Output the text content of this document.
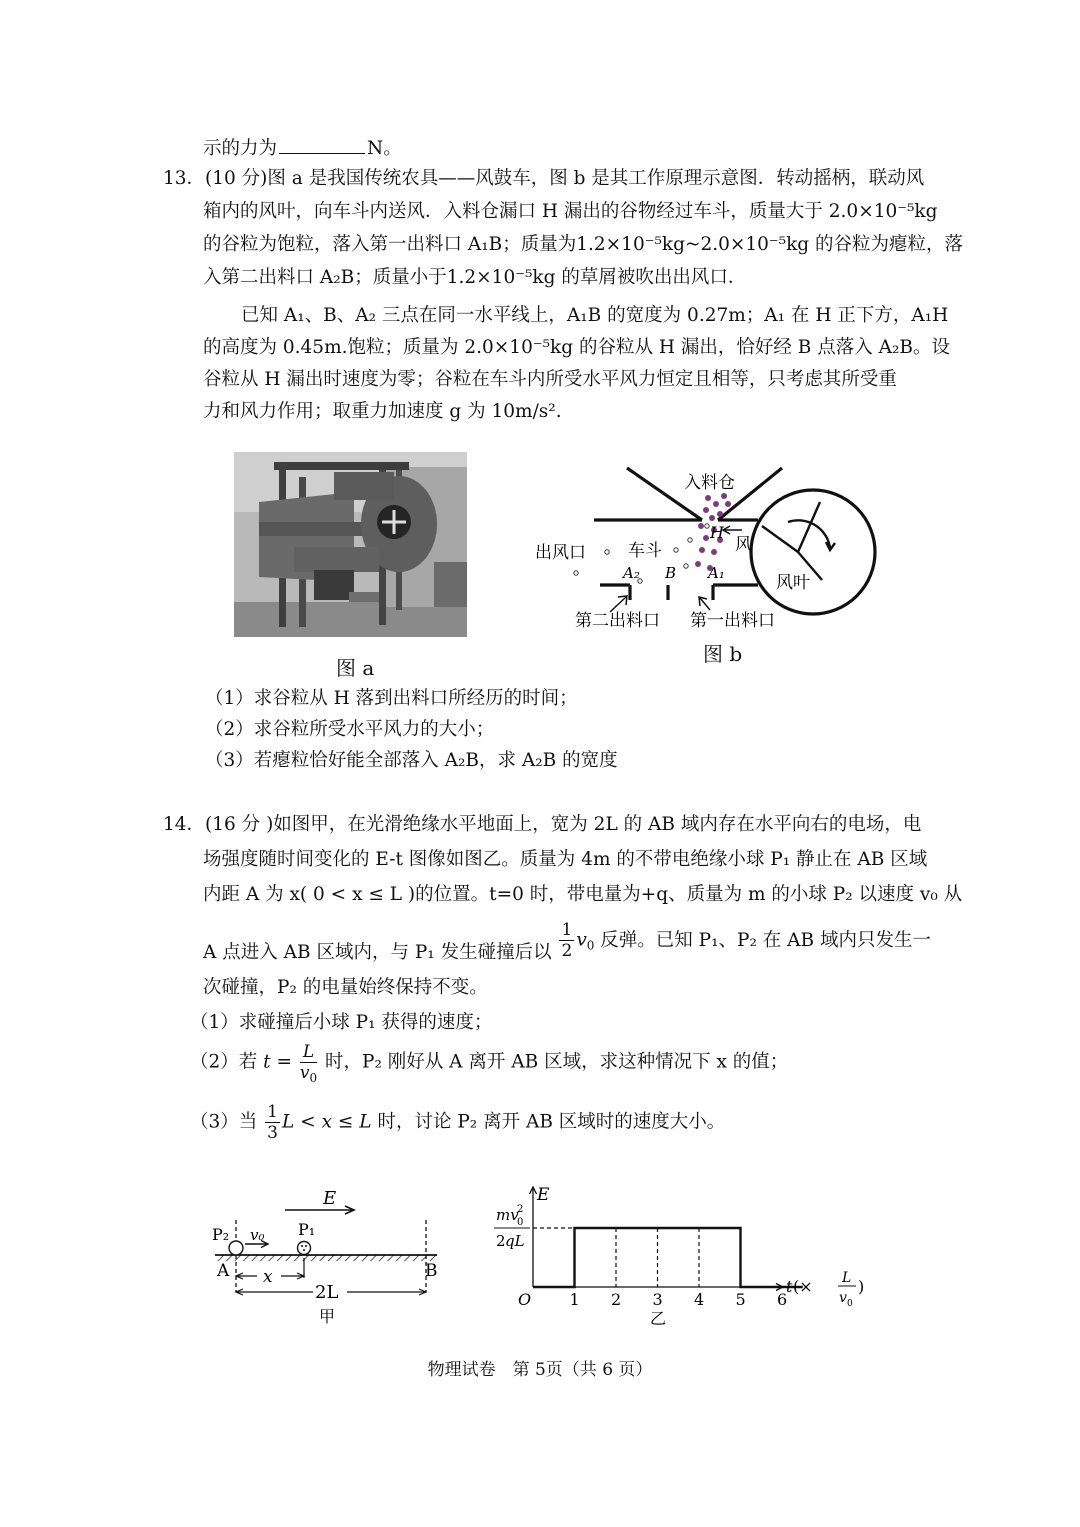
示的力为	N。
13．(10 分)图 a 是我国传统农具——风鼓车，图 b 是其工作原理示意图．转动摇柄，联动风
箱内的风叶，向车斗内送风．入料仓漏口 H 漏出的谷物经过车斗，质量大于 2.0×10⁻⁵kg
的谷粒为饱粒，落入第一出料口 A₁B；质量为1.2×10⁻⁵kg~2.0×10⁻⁵kg 的谷粒为瘪粒，落
入第二出料口 A₂B；质量小于1.2×10⁻⁵kg 的草屑被吹出出风口．
已知 A₁、B、A₂ 三点在同一水平线上，A₁B 的宽度为 0.27m；A₁ 在 H 正下方，A₁H
的高度为 0.45m.饱粒；质量为 2.0×10⁻⁵kg 的谷粒从 H 漏出，恰好经 B 点落入 A₂B。设
谷粒从 H 漏出时速度为零；谷粒在车斗内所受水平风力恒定且相等，只考虑其所受重
力和风力作用；取重力加速度 g 为 10m/s².
图 a
入料仓
H
风
出风口 车斗
A₂ B A₁	风叶
第二出料口 第一出料口
图 b
（1）求谷粒从 H 落到出料口所经历的时间；
（2）求谷粒所受水平风力的大小；
（3）若瘪粒恰好能全部落入 A₂B，求 A₂B 的宽度
14．(16 分 )如图甲，在光滑绝缘水平地面上，宽为 2L 的 AB 域内存在水平向右的电场，电
场强度随时间变化的 E-t 图像如图乙。质量为 4m 的不带电绝缘小球 P₁ 静止在 AB 区域
内距 A 为 x( 0 < x ≤ L )的位置。t=0 时，带电量为+q、质量为 m 的小球 P₂ 以速度 v₀ 从
A 点进入 AB 区域内，与 P₁ 发生碰撞后以 $\frac{1}{2} v_0$ 反弹。已知 P₁、P₂ 在 AB 域内只发生一
次碰撞，P₂ 的电量始终保持不变。
（1）求碰撞后小球 P₁ 获得的速度；
（2）若 $t = \frac{L}{v_0}$ 时，P₂ 刚好从 A 离开 AB 区域，求这种情况下 x 的值；
（3）当 $\frac{1}{3}$ L < x ≤ L 时，讨论 P₂ 离开 AB 区域时的速度大小。
E
P₂ v₀ P₁
A	B
x
2L
甲
E
mv
0
2
2 qL
O 1 2 3 4 5 6
t (× L
v 0
)
乙
物理试卷　第 5页（共 6 页）
